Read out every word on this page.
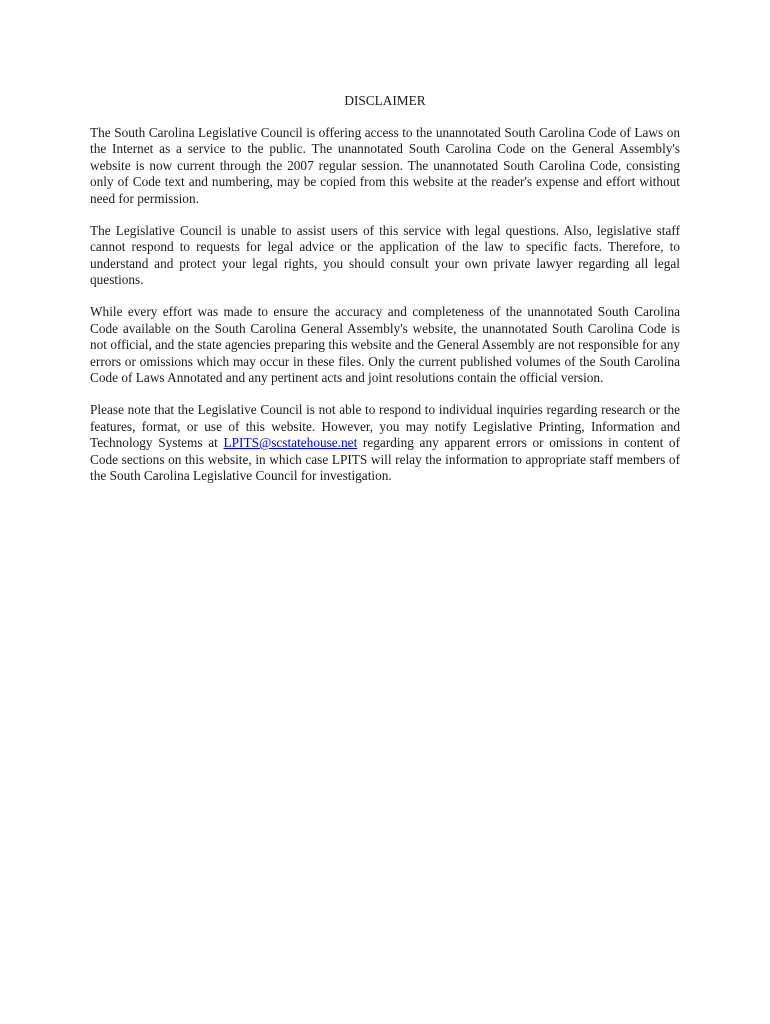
DISCLAIMER

The South Carolina Legislative Council is offering access to the unannotated South Carolina Code of Laws on the Internet as a service to the public. The unannotated South Carolina Code on the General Assembly's website is now current through the 2007 regular session. The unannotated South Carolina Code, consisting only of Code text and numbering, may be copied from this website at the reader's expense and effort without need for permission.

The Legislative Council is unable to assist users of this service with legal questions. Also, legislative staff cannot respond to requests for legal advice or the application of the law to specific facts. Therefore, to understand and protect your legal rights, you should consult your own private lawyer regarding all legal questions.

While every effort was made to ensure the accuracy and completeness of the unannotated South Carolina Code available on the South Carolina General Assembly's website, the unannotated South Carolina Code is not official, and the state agencies preparing this website and the General Assembly are not responsible for any errors or omissions which may occur in these files. Only the current published volumes of the South Carolina Code of Laws Annotated and any pertinent acts and joint resolutions contain the official version.

Please note that the Legislative Council is not able to respond to individual inquiries regarding research or the features, format, or use of this website. However, you may notify Legislative Printing, Information and Technology Systems at LPITS@scstatehouse.net regarding any apparent errors or omissions in content of Code sections on this website, in which case LPITS will relay the information to appropriate staff members of the South Carolina Legislative Council for investigation.
